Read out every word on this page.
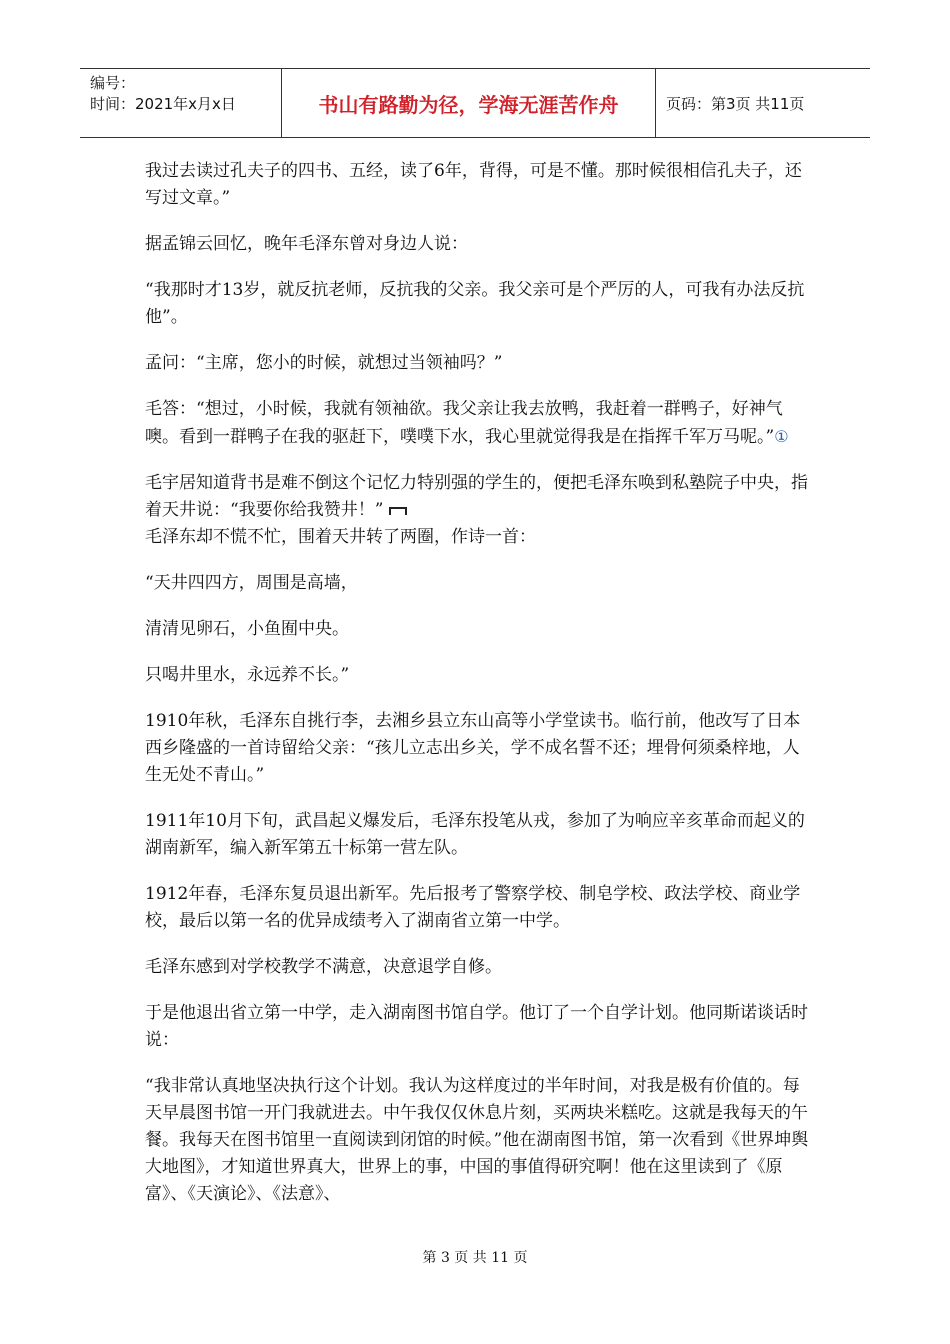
编号：
时间：2021年x月x日	书山有路勤为径，学海无涯苦作舟	页码：第3页 共11页

我过去读过孔夫子的四书、五经，读了6年，背得，可是不懂。那时候很相信孔夫子，还写过文章。”

据孟锦云回忆，晚年毛泽东曾对身边人说：

“我那时才13岁，就反抗老师，反抗我的父亲。我父亲可是个严厉的人，可我有办法反抗他”。

孟问：“主席，您小的时候，就想过当领袖吗？”

毛答：“想过，小时候，我就有领袖欲。我父亲让我去放鸭，我赶着一群鸭子，好神气噢。看到一群鸭子在我的驱赶下，噗噗下水，我心里就觉得我是在指挥千军万马呢。”①

毛宇居知道背书是难不倒这个记忆力特别强的学生的，便把毛泽东唤到私塾院子中央，指着天井说：“我要你给我赞井！”

毛泽东却不慌不忙，围着天井转了两圈，作诗一首：

“天井四四方，周围是高墙，

清清见卵石，小鱼囿中央。

只喝井里水，永远养不长。”

1910年秋，毛泽东自挑行李，去湘乡县立东山高等小学堂读书。临行前，他改写了日本西乡隆盛的一首诗留给父亲：“孩儿立志出乡关，学不成名誓不还；埋骨何须桑梓地，人生无处不青山。”

1911年10月下旬，武昌起义爆发后，毛泽东投笔从戎，参加了为响应辛亥革命而起义的湖南新军，编入新军第五十标第一营左队。

1912年春，毛泽东复员退出新军。先后报考了警察学校、制皂学校、政法学校、商业学校，最后以第一名的优异成绩考入了湖南省立第一中学。

毛泽东感到对学校教学不满意，决意退学自修。

于是他退出省立第一中学，走入湖南图书馆自学。他订了一个自学计划。他同斯诺谈话时说：

“我非常认真地坚决执行这个计划。我认为这样度过的半年时间，对我是极有价值的。每天早晨图书馆一开门我就进去。中午我仅仅休息片刻，买两块米糕吃。这就是我每天的午餐。我每天在图书馆里一直阅读到闭馆的时候。”他在湖南图书馆，第一次看到《世界坤舆大地图》，才知道世界真大，世界上的事，中国的事值得研究啊！他在这里读到了《原富》、《天演论》、《法意》、

第 3 页 共 11 页
